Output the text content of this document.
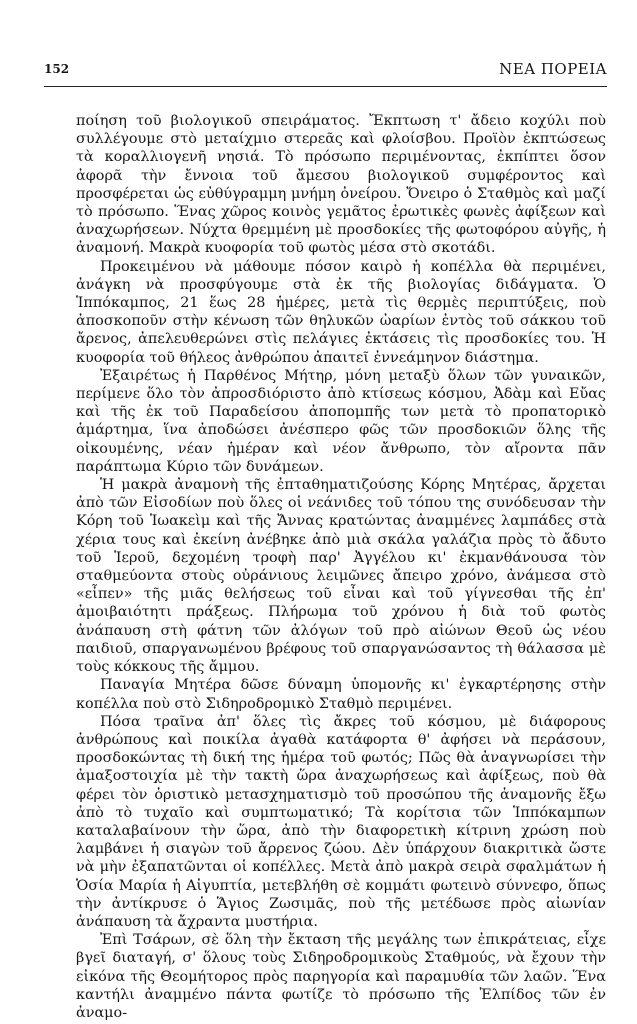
152	ΝΕΑ ΠΟΡΕΙΑ

ποίηση τοῦ βιολογικοῦ σπειράματος. Ἔκπτωση τ' ἄδειο κοχύλι ποὺ συλλέγουμε στὸ μεταίχμιο στερεᾶς καὶ φλοίσβου. Προϊὸν ἐκπτώσεως τὰ κοραλλιογενῆ νησιά. Τὸ πρόσωπο περιμένοντας, ἐκπίπτει ὅσον ἀφορᾶ τὴν ἔννοια τοῦ ἄμεσου βιολογικοῦ συμφέροντος καὶ προσφέρεται ὡς εὐθύγραμμη μνήμη ὀνείρου. Ὄνειρο ὁ Σταθμὸς καὶ μαζί τὸ πρόσωπο. Ἕνας χῶρος κοινὸς γεμᾶτος ἐρωτικὲς φωνὲς ἀφίξεων καὶ ἀναχωρήσεων. Νύχτα θρεμμένη μὲ προσδοκίες τῆς φωτοφόρου αὐγῆς, ἡ ἀναμονή. Μακρὰ κυοφορία τοῦ φωτὸς μέσα στὸ σκοτάδι.

Προκειμένου νὰ μάθουμε πόσον καιρὸ ἡ κοπέλλα θὰ περιμένει, ἀνάγκη νὰ προσφύγουμε στὰ ἐκ τῆς βιολογίας διδάγματα. Ὁ Ἱππόκαμπος, 21 ἕως 28 ἡμέρες, μετὰ τὶς θερμὲς περιπτύξεις, ποὺ ἀποσκοποῦν στὴν κένωση τῶν θηλυκῶν ὠαρίων ἐντὸς τοῦ σάκκου τοῦ ἄρενος, ἀπελευθερώνει στὶς πελάγιες ἐκτάσεις τὶς προσδοκίες του. Ἡ κυοφορία τοῦ θήλεος ἀνθρώπου ἀπαιτεῖ ἐννεάμηνον διάστημα.

Ἐξαιρέτως ἡ Παρθένος Μήτηρ, μόνη μεταξὺ ὅλων τῶν γυναικῶν, περίμενε ὅλο τὸν ἀπροσδιόριστο ἀπὸ κτίσεως κόσμου, Ἀδὰμ καὶ Εὔας καὶ τῆς ἐκ τοῦ Παραδείσου ἀποπομπῆς των μετὰ τὸ προπατορικὸ ἁμάρτημα, ἵνα ἀποδώσει ἀνέσπερο φῶς τῶν προσδοκιῶν ὅλης τῆς οἰκουμένης, νέαν ἡμέραν καὶ νέον ἄνθρωπο, τὸν αἴροντα πᾶν παράπτωμα Κύριο τῶν δυνάμεων.

Ἡ μακρὰ ἀναμονὴ τῆς ἐπταθηματιζούσης Κόρης Μητέρας, ἄρχεται ἀπὸ τῶν Εἰσοδίων ποὺ ὅλες οἱ νεάνιδες τοῦ τόπου της συνόδευσαν τὴν Κόρη τοῦ Ἰωακεὶμ καὶ τῆς Ἄννας κρατώντας ἀναμμένες λαμπάδες στὰ χέρια τους καὶ ἐκείνη ἀνέβηκε ἀπὸ μιὰ σκάλα γαλάζια πρὸς τὸ ἄδυτο τοῦ Ἱεροῦ, δεχομένη τροφὴ παρ' Ἀγγέλου κι' ἐκμανθάνουσα τὸν σταθμεύοντα στοὺς οὐράνιους λειμῶνες ἄπειρο χρόνο, ἀνάμεσα στὸ «εἶπεν» τῆς μιᾶς θελήσεως τοῦ εἶναι καὶ τοῦ γίγνεσθαι τῆς ἐπ' ἀμοιβαιότητι πράξεως. Πλήρωμα τοῦ χρόνου ἡ διὰ τοῦ φωτὸς ἀνάπαυση στὴ φάτνη τῶν ἀλόγων τοῦ πρὸ αἰώνων Θεοῦ ὡς νέου παιδιοῦ, σπαργανωμένου βρέφους τοῦ σπαργανώσαντος τὴ θάλασσα μὲ τοὺς κόκκους τῆς ἄμμου.

Παναγία Μητέρα δῶσε δύναμη ὑπομονῆς κι' ἐγκαρτέρησης στὴν κοπέλλα ποὺ στὸ Σιδηροδρομικὸ Σταθμὸ περιμένει.

Πόσα τραῖνα ἀπ' ὅλες τὶς ἄκρες τοῦ κόσμου, μὲ διάφορους ἀνθρώπους καὶ ποικίλα ἀγαθὰ κατάφορτα θ' ἀφήσει νὰ περάσουν, προσδοκώντας τὴ δική της ἡμέρα τοῦ φωτός; Πῶς θὰ ἀναγνωρίσει τὴν ἀμαξοστοιχία μὲ τὴν τακτὴ ὥρα ἀναχωρήσεως καὶ ἀφίξεως, ποὺ θὰ φέρει τὸν ὁριστικὸ μετασχηματισμὸ τοῦ προσώπου τῆς ἀναμονῆς ἔξω ἀπὸ τὸ τυχαῖο καὶ συμπτωματικό; Τὰ κορίτσια τῶν Ἱππόκαμπων καταλαβαίνουν τὴν ὥρα, ἀπὸ τὴν διαφορετικὴ κίτρινη χρώση ποὺ λαμβάνει ἡ σιαγὼν τοῦ ἄρρενος ζώου. Δὲν ὑπάρχουν διακριτικὰ ὥστε νὰ μὴν ἐξαπατῶνται οἱ κοπέλλες. Μετὰ ἀπὸ μακρὰ σειρὰ σφαλμάτων ἡ Ὁσία Μαρία ἡ Αἰγυπτία, μετεβλήθη σὲ κομμάτι φωτεινὸ σύννεφο, ὅπως τὴν ἀντίκρυσε ὁ Ἅγιος Ζωσιμᾶς, ποὺ τῆς μετέδωσε πρὸς αἰωνίαν ἀνάπαυση τὰ ἄχραντα μυστήρια.

Ἐπὶ Τσάρων, σὲ ὅλη τὴν ἔκταση τῆς μεγάλης των ἐπικράτειας, εἶχε βγεῖ διαταγή, σ' ὅλους τοὺς Σιδηροδρομικοὺς Σταθμούς, νὰ ἔχουν τὴν εἰκόνα τῆς Θεομήτορος πρὸς παρηγορία καὶ παραμυθία τῶν λαῶν. Ἕνα καντήλι ἀναμμένο πάντα φωτίζε τὸ πρόσωπο τῆς Ἐλπίδος τῶν ἐν ἀναμο-
